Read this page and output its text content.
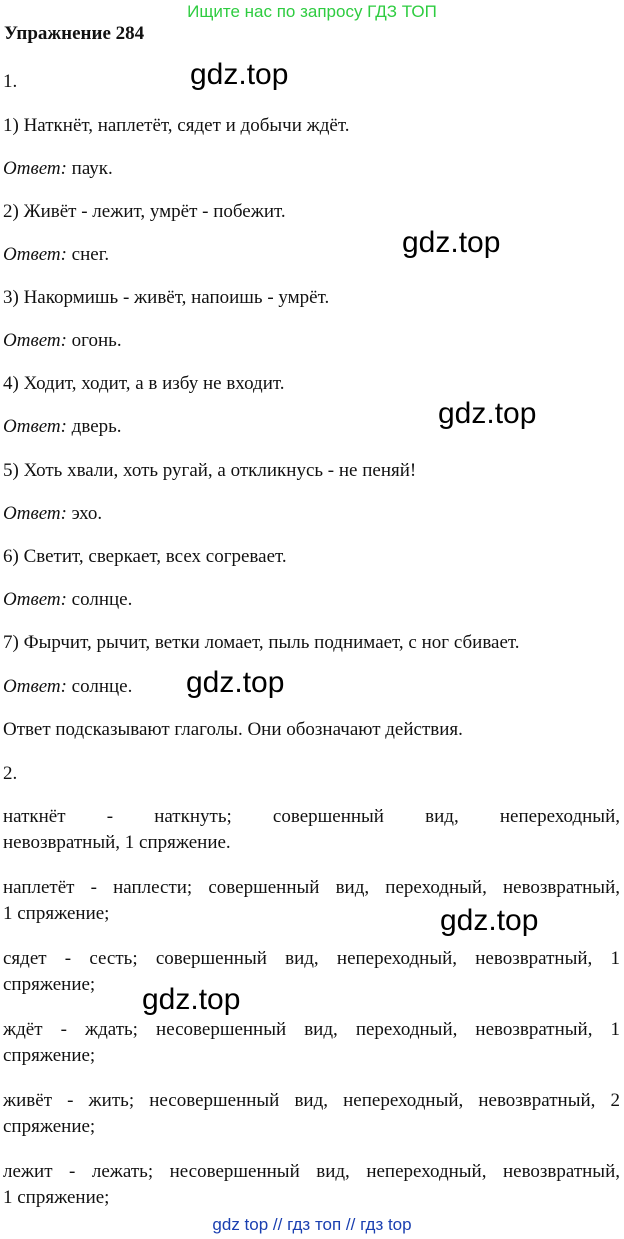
Ищите нас по запросу ГДЗ ТОП
Упражнение 284

1.

1) Наткнёт, наплетёт, сядет и добычи ждёт.

Ответ: паук.

2) Живёт - лежит, умрёт - побежит.

Ответ: снег.

3) Накормишь - живёт, напоишь - умрёт.

Ответ: огонь.

4) Ходит, ходит, а в избу не входит.

Ответ: дверь.

5) Хоть хвали, хоть ругай, а откликнусь - не пеняй!

Ответ: эхо.

6) Светит, сверкает, всех согревает.

Ответ: солнце.

7) Фырчит, рычит, ветки ломает, пыль поднимает, с ног сбивает.

Ответ: солнце.

Ответ подсказывают глаголы. Они обозначают действия.

2.

наткнёт - наткнуть; совершенный вид, непереходный,
невозвратный, 1 спряжение.
наплетёт - наплести; совершенный вид, переходный, невозвратный,
1 спряжение;
сядет - сесть; совершенный вид, непереходный, невозвратный, 1
спряжение;
ждёт - ждать; несовершенный вид, переходный, невозвратный, 1
спряжение;
живёт - жить; несовершенный вид, непереходный, невозвратный, 2
спряжение;
лежит - лежать; несовершенный вид, непереходный, невозвратный,
1 спряжение;
gdz.top
gdz.top
gdz.top
gdz.top
gdz.top
gdz.top
gdz top // гдз топ // гдз top
